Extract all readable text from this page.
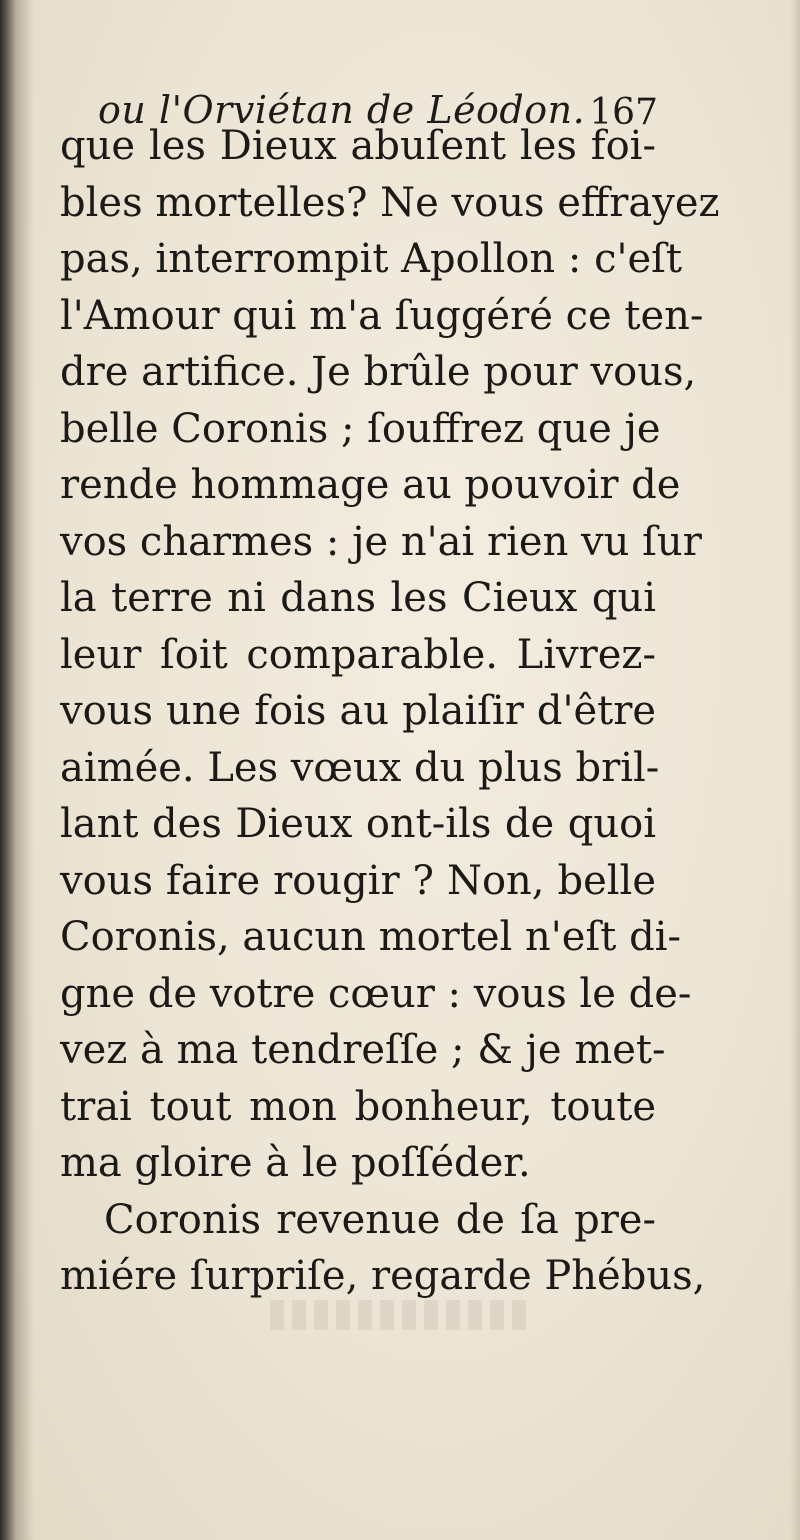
ou l'Orviétan de Léodon. 167
que les Dieux abuſent les foi-
bles mortelles? Ne vous effrayez
pas, interrompit Apollon : c'eſt
l'Amour qui m'a ſuggéré ce ten-
dre artifice. Je brûle pour vous,
belle Coronis ; ſouffrez que je
rende hommage au pouvoir de
vos charmes : je n'ai rien vu ſur
la terre ni dans les Cieux qui
leur ſoit comparable. Livrez-
vous une fois au plaiſir d'être
aimée. Les vœux du plus bril-
lant des Dieux ont-ils de quoi
vous faire rougir ? Non, belle
Coronis, aucun mortel n'eſt di-
gne de votre cœur : vous le de-
vez à ma tendreſſe ; & je met-
trai tout mon bonheur, toute
ma gloire à le poſſéder.
Coronis revenue de ſa pre-
miére ſurpriſe, regarde Phébus,
